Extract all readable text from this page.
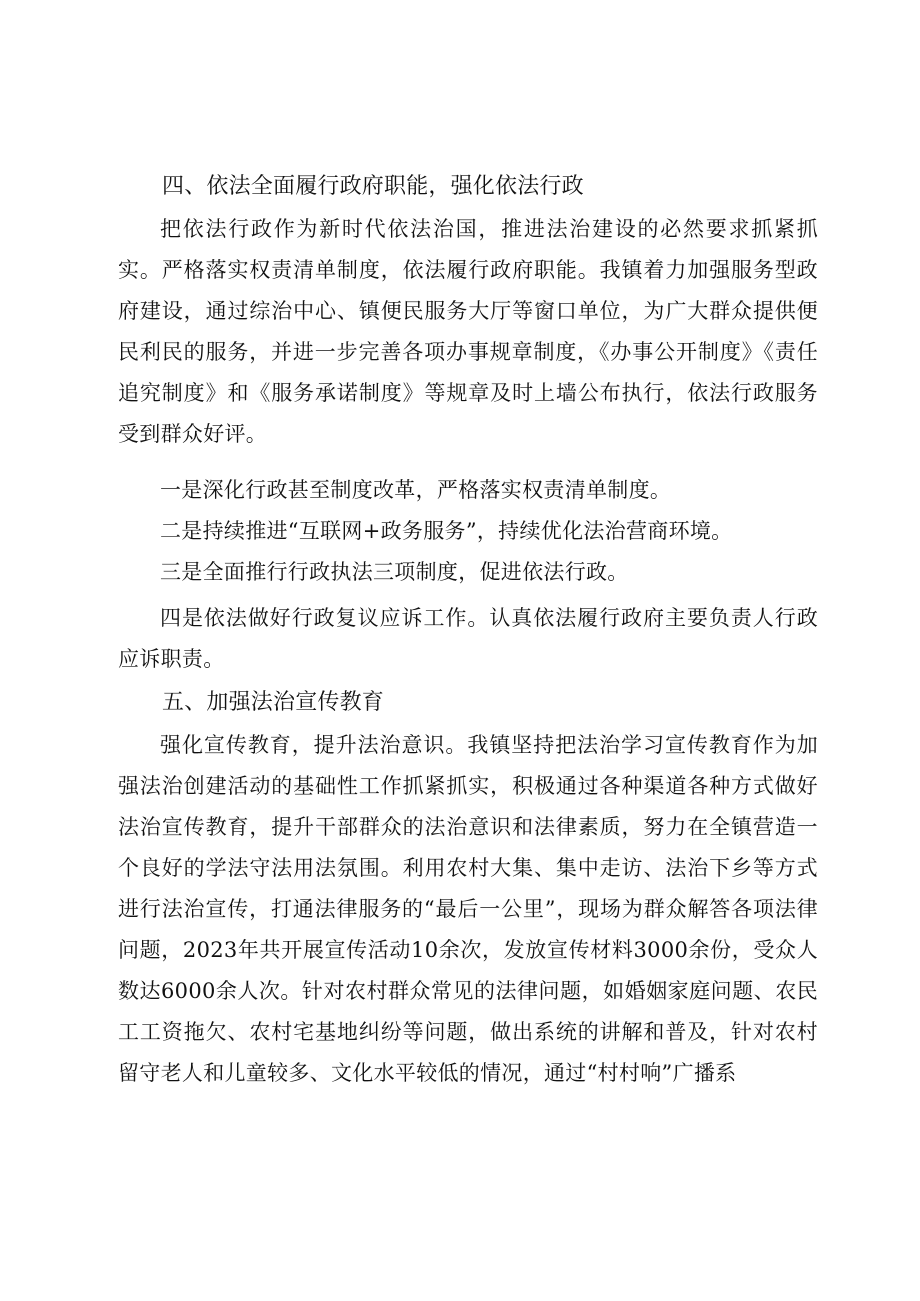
四、依法全面履行政府职能，强化依法行政

把依法行政作为新时代依法治国，推进法治建设的必然要求抓紧抓实。严格落实权责清单制度，依法履行政府职能。我镇着力加强服务型政府建设，通过综治中心、镇便民服务大厅等窗口单位，为广大群众提供便民利民的服务，并进一步完善各项办事规章制度，《办事公开制度》《责任追究制度》和《服务承诺制度》等规章及时上墙公布执行，依法行政服务受到群众好评。

一是深化行政甚至制度改革，严格落实权责清单制度。

二是持续推进“互联网+政务服务”，持续优化法治营商环境。

三是全面推行行政执法三项制度，促进依法行政。

四是依法做好行政复议应诉工作。认真依法履行政府主要负责人行政应诉职责。

五、加强法治宣传教育

强化宣传教育，提升法治意识。我镇坚持把法治学习宣传教育作为加强法治创建活动的基础性工作抓紧抓实，积极通过各种渠道各种方式做好法治宣传教育，提升干部群众的法治意识和法律素质，努力在全镇营造一个良好的学法守法用法氛围。利用农村大集、集中走访、法治下乡等方式进行法治宣传，打通法律服务的“最后一公里”，现场为群众解答各项法律问题，2023年共开展宣传活动10余次，发放宣传材料3000余份，受众人数达6000余人次。针对农村群众常见的法律问题，如婚姻家庭问题、农民工工资拖欠、农村宅基地纠纷等问题，做出系统的讲解和普及，针对农村留守老人和儿童较多、文化水平较低的情况，通过“村村响”广播系
